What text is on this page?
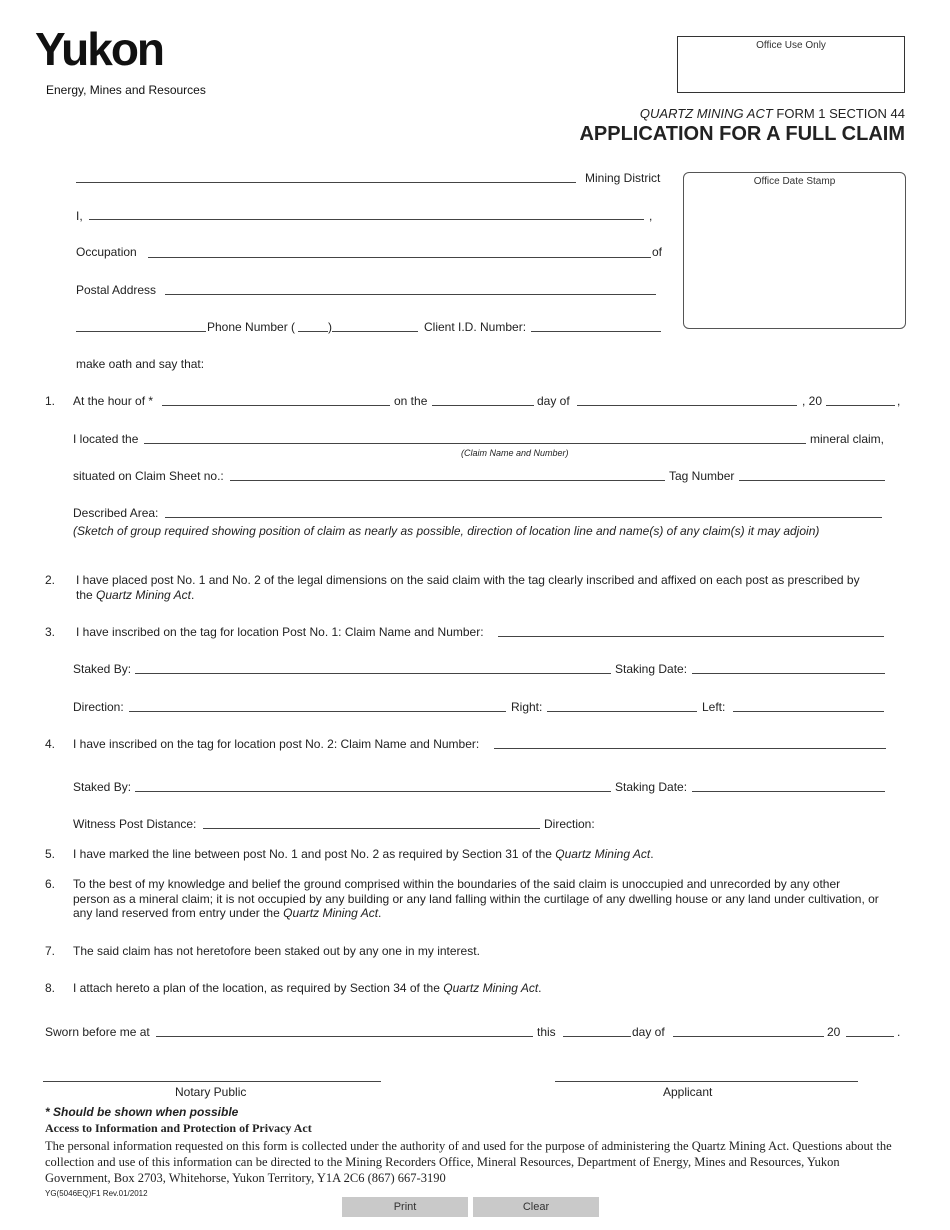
Yukon
Energy, Mines and Resources
Office Use Only
QUARTZ MINING ACT FORM 1 SECTION 44
APPLICATION FOR A FULL CLAIM
Office Date Stamp
Mining District
I,	,
Occupation	of
Postal Address
Phone Number (	)	Client I.D. Number:
make oath and say that:
1. At the hour of *	on the	day of	, 20	,
I located the	mineral claim,
(Claim Name and Number)
situated on Claim Sheet no.:	Tag Number
Described Area:
(Sketch of group required showing position of claim as nearly as possible, direction of location line and name(s) of any claim(s) it may adjoin)
2. I have placed post No. 1 and No. 2 of the legal dimensions on the said claim with the tag clearly inscribed and affixed on each post as prescribed by
the Quartz Mining Act.
3. I have inscribed on the tag for location Post No. 1: Claim Name and Number:
Staked By:	Staking Date:
Direction:	Right:	Left:
4. I have inscribed on the tag for location post No. 2: Claim Name and Number:
Staked By:	Staking Date:
Witness Post Distance:	Direction:
5. I have marked the line between post No. 1 and post No. 2 as required by Section 31 of the Quartz Mining Act.
6. To the best of my knowledge and belief the ground comprised within the boundaries of the said claim is unoccupied and unrecorded by any other
person as a mineral claim; it is not occupied by any building or any land falling within the curtilage of any dwelling house or any land under cultivation, or
any land reserved from entry under the Quartz Mining Act.
7. The said claim has not heretofore been staked out by any one in my interest.
8. I attach hereto a plan of the location, as required by Section 34 of the Quartz Mining Act.
Sworn before me at	this	day of	20	.
Notary Public	Applicant
* Should be shown when possible
Access to Information and Protection of Privacy Act
The personal information requested on this form is collected under the authority of and used for the purpose of administering the Quartz Mining Act. Questions about the collection and use of this information can be directed to the Mining Recorders Office, Mineral Resources, Department of Energy, Mines and Resources, Yukon Government, Box 2703, Whitehorse, Yukon Territory, Y1A 2C6 (867) 667-3190
YG(5046EQ)F1 Rev.01/2012
Print	Clear
